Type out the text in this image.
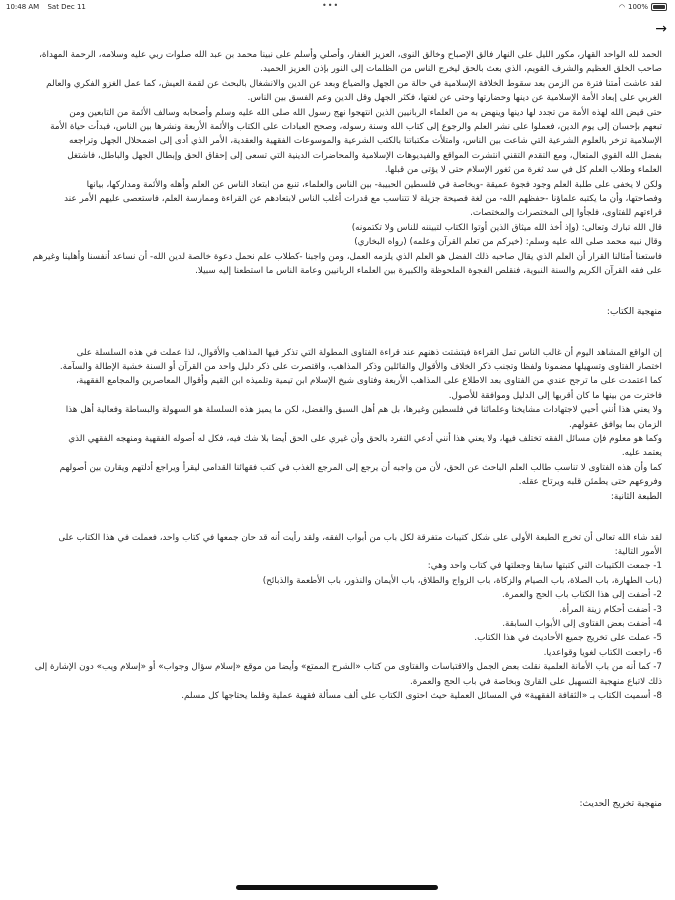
10:48 AM Sat Dec 11	•••	◠ 100%
→
الحمد لله الواحد القهار، مكور الليل على النهار فالق الإصباح وخالق النوى، العزيز الغفار، وأصلي وأسلم على نبينا محمد بن عبد الله صلوات ربي عليه وسلامه، الرحمة المهداة،
صاحب الخلق العظيم والشرف القويم، الذي بعث بالحق ليخرج الناس من الظلمات إلى النور بإذن العزيز الحميد.
لقد عاشت أمتنا فترة من الزمن بعد سقوط الخلافة الإسلامية في حالة من الجهل والضياع وبعد عن الدين والانشغال بالبحث عن لقمة العيش، كما عمل الغزو الفكري والعالم
الغربي على إبعاد الأمة الإسلامية عن دينها وحضارتها وحتى عن لغتها، فكثر الجهل وقل الدين وعم الفسق بين الناس.
حتى قيض الله لهذه الأمة من تجدد لها دينها وينهض به من العلماء الربانيين الذين انتهجوا نهج رسول الله صلى الله عليه وسلم وأصحابه وسالف الأئمة من التابعين ومن
تبعهم بإحسان إلى يوم الدين، فعملوا على نشر العلم والرجوع إلى كتاب الله وسنة رسوله، وصحح العبادات على الكتاب والأئمة الأربعة ونشرها بين الناس، فبدأت حياة الأمة
الإسلامية تزخر بالعلوم الشرعية التي شاعت بين الناس، وامتلأت مكتباتنا بالكتب الشرعية والموسوعات الفقهية والعقدية، الأمر الذي أدى إلى اضمحلال الجهل وتراجعه
بفضل الله القوي المتعال، ومع التقدم التقني انتشرت المواقع والفيديوهات الإسلامية والمحاضرات الدينية التي تسعى إلى إحقاق الحق وإبطال الجهل والباطل، فاشتغل
العلماء وطلاب العلم كل في سد ثغرة من ثغور الإسلام حتى لا يؤتى من قبلها.
ولكن لا يخفى على طلبة العلم وجود فجوة عميقة -وبخاصة في فلسطين الحبيبة- بين الناس والعلماء، تنبع من ابتعاد الناس عن العلم وأهله والأئمة ومداركها، بيانها
وفصاحتها، وأن ما يكتبه علماؤنا -حفظهم الله- من لغة فصيحة جزيلة لا تتناسب مع قدرات أغلب الناس لابتعادهم عن القراءة وممارسة العلم، فاستعصى عليهم الأمر عند
قراءتهم للفتاوى، فلجأوا إلى المختصرات والمختصات.
قال الله تبارك وتعالى: (وإذ أخذ الله ميثاق الذين أوتوا الكتاب لتبيننه للناس ولا تكتمونه)
وقال نبيه محمد صلى الله عليه وسلم: (خيركم من تعلم القرآن وعلمه) (رواه البخاري)
فاستعنا أمثالنا القرار أن العلم الذي يقال صاحبه ذلك الفضل هو العلم الذي يلزمه العمل، ومن واجبنا -كطلاب علم نحمل دعوة خالصة لدين الله- أن نساعد أنفسنا وأهلينا وغيرهم
على فقه القرآن الكريم والسنة النبوية، فنقلص الفجوة الملحوظة والكبيرة بين العلماء الربانيين وعامة الناس ما استطعنا إليه سبيلا.
منهجية الكتاب:
إن الواقع المشاهد اليوم أن غالب الناس تمل القراءة فيتشتت ذهنهم عند قراءة الفتاوى المطولة التي تذكر فيها المذاهب والأقوال، لذا عملت في هذه السلسلة على
اختصار الفتاوى وتسهيلها مضمونا ولفظا وتجنب ذكر الخلاف والأقوال والقائلين وذكر المذاهب، واقتصرت على ذكر دليل واحد من القرآن أو السنة خشية الإطالة والسآمة.
كما اعتمدت على ما ترجح عندي من الفتاوى بعد الاطلاع على المذاهب الأربعة وفتاوى شيخ الإسلام ابن تيمية وتلميذه ابن القيم وأقوال المعاصرين والمجامع الفقهية،
فاخترت من بينها ما كان أقربها إلى الدليل وموافقة للأصول.
ولا يعني هذا أنني أحيي لاجتهادات مشايخنا وعلمائنا في فلسطين وغيرها، بل هم أهل السبق والفضل، لكن ما يميز هذه السلسلة هو السهولة والبساطة وفعالية أهل هذا
الزمان بما يوافق عقولهم.
وكما هو معلوم فإن مسائل الفقه تختلف فيها، ولا يعني هذا أنني أدعي التفرد بالحق وأن غيري على الحق أيضا بلا شك فيه، فكل له أصوله الفقهية ومنهجه الفقهي الذي
يعتمد عليه.
كما وأن هذه الفتاوى لا تناسب طالب العلم الباحث عن الحق، لأن من واجبه أن يرجع إلى المرجع الغذب في كتب فقهائنا القدامى ليقرأ ويراجع أدلتهم ويقارن بين أصولهم
وفروعهم حتى يطمئن قلبه ويرتاح عقله.
الطبعة الثانية:
لقد شاء الله تعالى أن تخرج الطبعة الأولى على شكل كتيبات متفرقة لكل باب من أبواب الفقه، ولقد رأيت أنه قد حان جمعها في كتاب واحد، فعملت في هذا الكتاب على
الأمور التالية:
1- جمعت الكتيبات التي كتبتها سابقا وجعلتها في كتاب واحد وهي:
(باب الطهارة، باب الصلاة، باب الصيام والزكاة، باب الزواج والطلاق، باب الأيمان والنذور، باب الأطعمة والذبائح)
2- أضفت إلى هذا الكتاب باب الحج والعمرة.
3- أضفت أحكام زينة المرأة.
4- أضفت بعض الفتاوى إلى الأبواب السابقة.
5- عملت على تخريج جميع الأحاديث في هذا الكتاب.
6- راجعت الكتاب لغويا وقواعديا.
7- كما أنه من باب الأمانة العلمية نقلت بعض الجمل والاقتباسات والفتاوى من كتاب «الشرح الممتع» وأيضا من موقع «إسلام سؤال وجواب» أو «إسلام ويب» دون الإشارة إلى
ذلك لاتباع منهجية التسهيل على القارئ وبخاصة في باب الحج والعمرة.
8- أسميت الكتاب بـ «الثقافة الفقهية» في المسائل العملية حيث احتوى الكتاب على ألف مسألة فقهية عملية وقلما يحتاجها كل مسلم.
منهجية تخريج الحديث:
